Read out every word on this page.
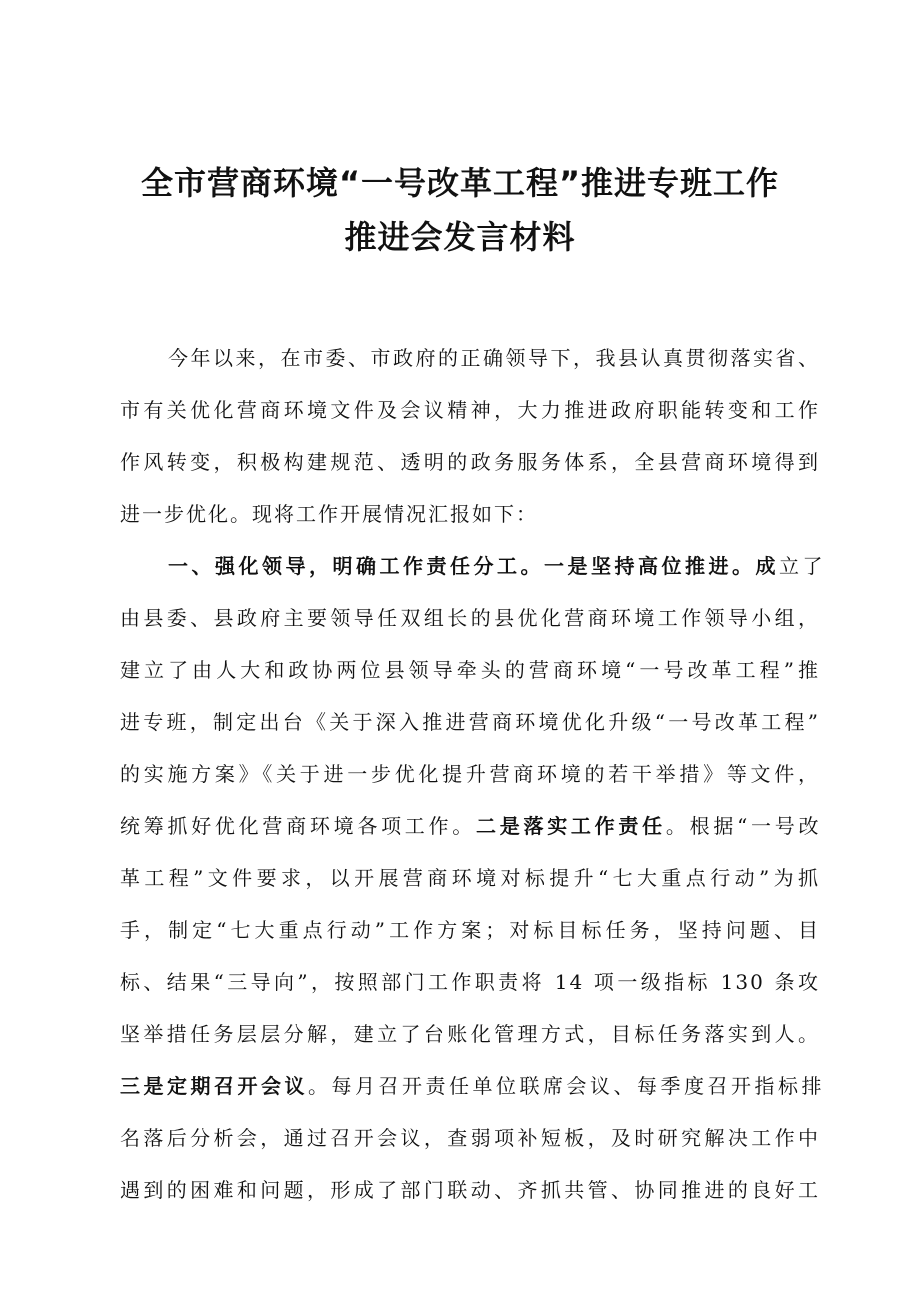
全市营商环境“一号改革工程”推进专班工作
推进会发言材料
今年以来，在市委、市政府的正确领导下，我县认真贯彻落实省、
市有关优化营商环境文件及会议精神，大力推进政府职能转变和工作
作风转变，积极构建规范、透明的政务服务体系，全县营商环境得到
进一步优化。现将工作开展情况汇报如下：
一、强化领导，明确工作责任分工。一是坚持高位推进。成立了
由县委、县政府主要领导任双组长的县优化营商环境工作领导小组，
建立了由人大和政协两位县领导牵头的营商环境“一号改革工程”推
进专班，制定出台《关于深入推进营商环境优化升级“一号改革工程”
的实施方案》《关于进一步优化提升营商环境的若干举措》等文件，
统筹抓好优化营商环境各项工作。二是落实工作责任。根据“一号改
革工程”文件要求，以开展营商环境对标提升“七大重点行动”为抓
手，制定“七大重点行动”工作方案；对标目标任务，坚持问题、目
标、结果“三导向”，按照部门工作职责将 14 项一级指标 130 条攻
坚举措任务层层分解，建立了台账化管理方式，目标任务落实到人。
三是定期召开会议。每月召开责任单位联席会议、每季度召开指标排
名落后分析会，通过召开会议，查弱项补短板，及时研究解决工作中
遇到的困难和问题，形成了部门联动、齐抓共管、协同推进的良好工
